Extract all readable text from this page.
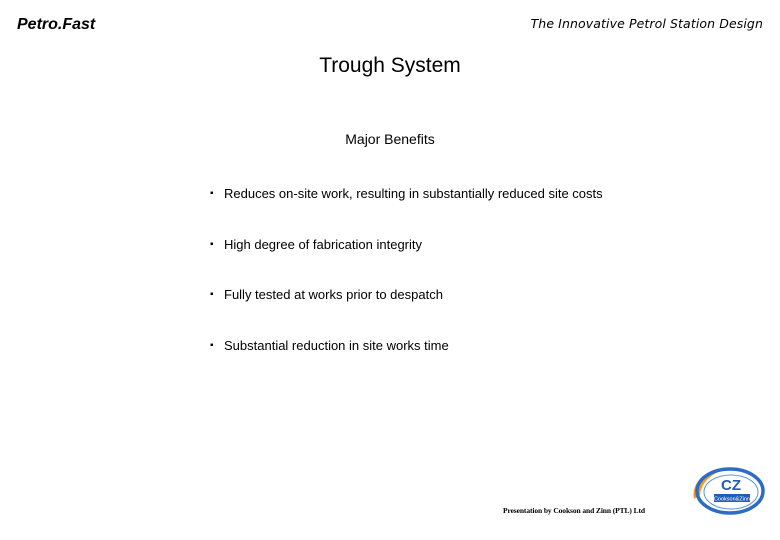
Petro.Fast	The Innovative Petrol Station Design
Trough System
Major Benefits
▪ Reduces on-site work, resulting in substantially reduced site costs
▪ High degree of fabrication integrity
▪ Fully tested at works prior to despatch
▪ Substantial reduction in site works time
CZ
Cookson&Zinn
Presentation by Cookson and Zinn (PTL) Ltd
